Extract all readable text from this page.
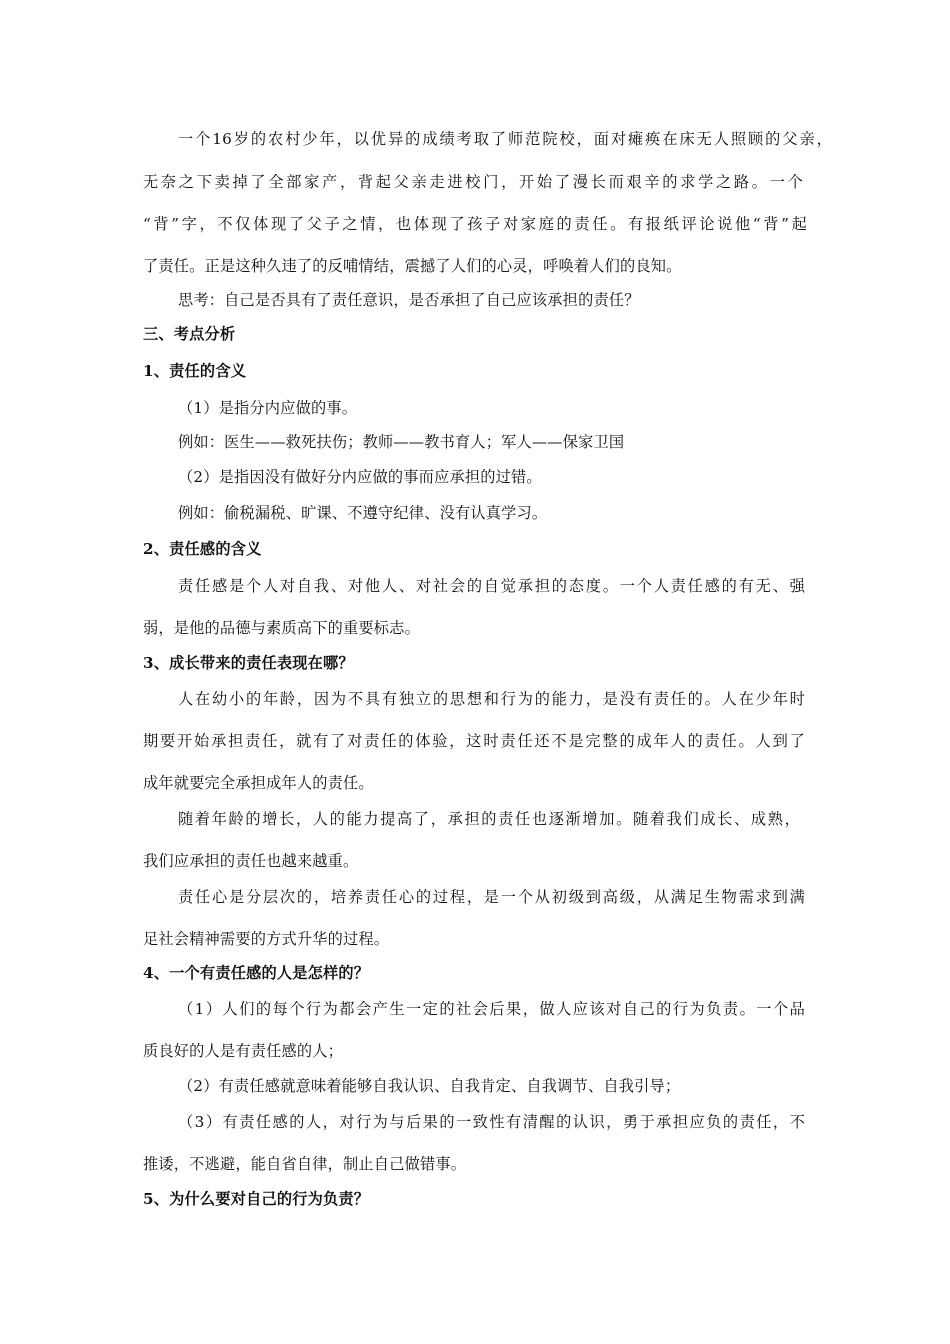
一个16岁的农村少年，以优异的成绩考取了师范院校，面对瘫痪在床无人照顾的父亲，
无奈之下卖掉了全部家产，背起父亲走进校门，开始了漫长而艰辛的求学之路。一个
“背”字，不仅体现了父子之情，也体现了孩子对家庭的责任。有报纸评论说他“背”起
了责任。正是这种久违了的反哺情结，震撼了人们的心灵，呼唤着人们的良知。
思考：自己是否具有了责任意识，是否承担了自己应该承担的责任？
三、考点分析
1、责任的含义
（1）是指分内应做的事。
例如：医生——救死扶伤；教师——教书育人；军人——保家卫国
（2）是指因没有做好分内应做的事而应承担的过错。
例如：偷税漏税、旷课、不遵守纪律、没有认真学习。
2、责任感的含义
责任感是个人对自我、对他人、对社会的自觉承担的态度。一个人责任感的有无、强
弱，是他的品德与素质高下的重要标志。
3、成长带来的责任表现在哪？
人在幼小的年龄，因为不具有独立的思想和行为的能力，是没有责任的。人在少年时
期要开始承担责任，就有了对责任的体验，这时责任还不是完整的成年人的责任。人到了
成年就要完全承担成年人的责任。
随着年龄的增长，人的能力提高了，承担的责任也逐渐增加。随着我们成长、成熟，
我们应承担的责任也越来越重。
责任心是分层次的，培养责任心的过程，是一个从初级到高级，从满足生物需求到满
足社会精神需要的方式升华的过程。
4、一个有责任感的人是怎样的？
（1）人们的每个行为都会产生一定的社会后果，做人应该对自己的行为负责。一个品
质良好的人是有责任感的人；
（2）有责任感就意味着能够自我认识、自我肯定、自我调节、自我引导；
（3）有责任感的人，对行为与后果的一致性有清醒的认识，勇于承担应负的责任，不
推诿，不逃避，能自省自律，制止自己做错事。
5、为什么要对自己的行为负责？
